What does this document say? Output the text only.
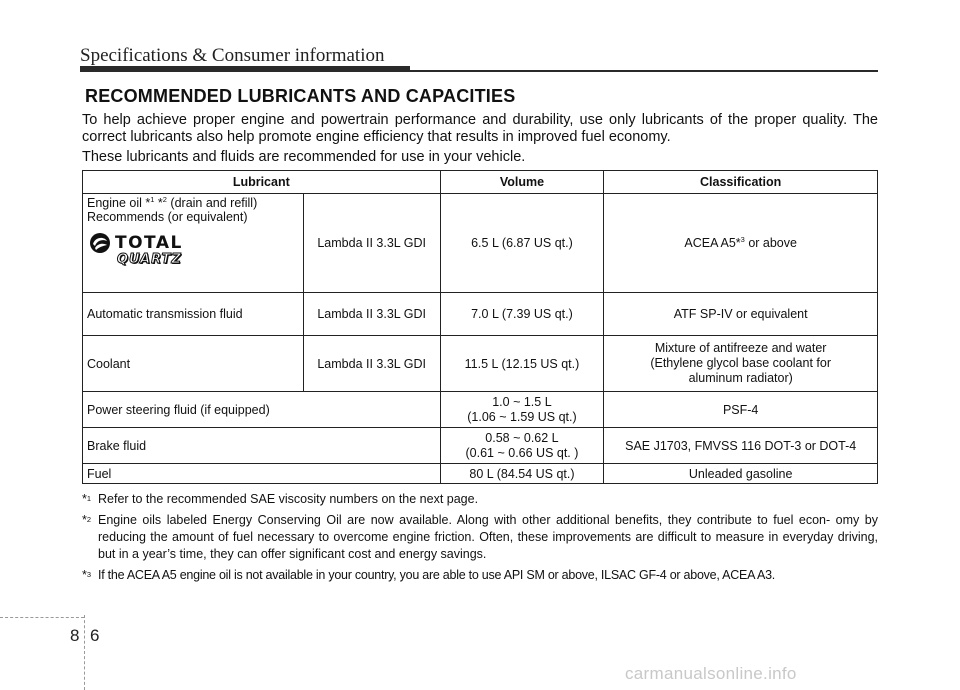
Specifications & Consumer information
RECOMMENDED LUBRICANTS AND CAPACITIES
To help achieve proper engine and powertrain performance and durability, use only lubricants of the proper quality. The correct lubricants also help promote engine efficiency that results in improved fuel economy.
These lubricants and fluids are recommended for use in your vehicle.
Lubricant		Volume	Classification

Engine oil *$^1$ *$^2$ (drain and refill)
Recommends (or equivalent)
TOTAL
QUARTZ	Lambda II 3.3L GDI	6.5 L (6.87 US qt.)	ACEA A5*$^3$ or above
Automatic transmission fluid	Lambda II 3.3L GDI	7.0 L (7.39 US qt.)	ATF SP-IV or equivalent
Coolant	Lambda II 3.3L GDI	11.5 L (12.15 US qt.)	Mixture of antifreeze and water
(Ethylene glycol base coolant for
aluminum radiator)

Power steering fluid (if equipped)		1.0 ~ 1.5 L
(1.06 ~ 1.59 US qt.)	PSF-4
Brake fluid		0.58 ~ 0.62 L
(0.61 ~ 0.66 US qt. )	SAE J1703, FMVSS 116 DOT-3 or DOT-4
Fuel		80 L (84.54 US qt.)	Unleaded gasoline
*$^1$ Refer to the recommended SAE viscosity numbers on the next page.
*$^2$ Engine oils labeled Energy Conserving Oil are now available. Along with other additional benefits, they contribute to fuel econ- omy by reducing the amount of fuel necessary to overcome engine friction. Often, these improvements are difficult to measure in everyday driving, but in a year’s time, they can offer significant cost and energy savings.
*$^3$ If the ACEA A5 engine oil is not available in your country, you are able to use API SM or above, ILSAC GF-4 or above, ACEA A3.
8 6
carmanualsonline.info
